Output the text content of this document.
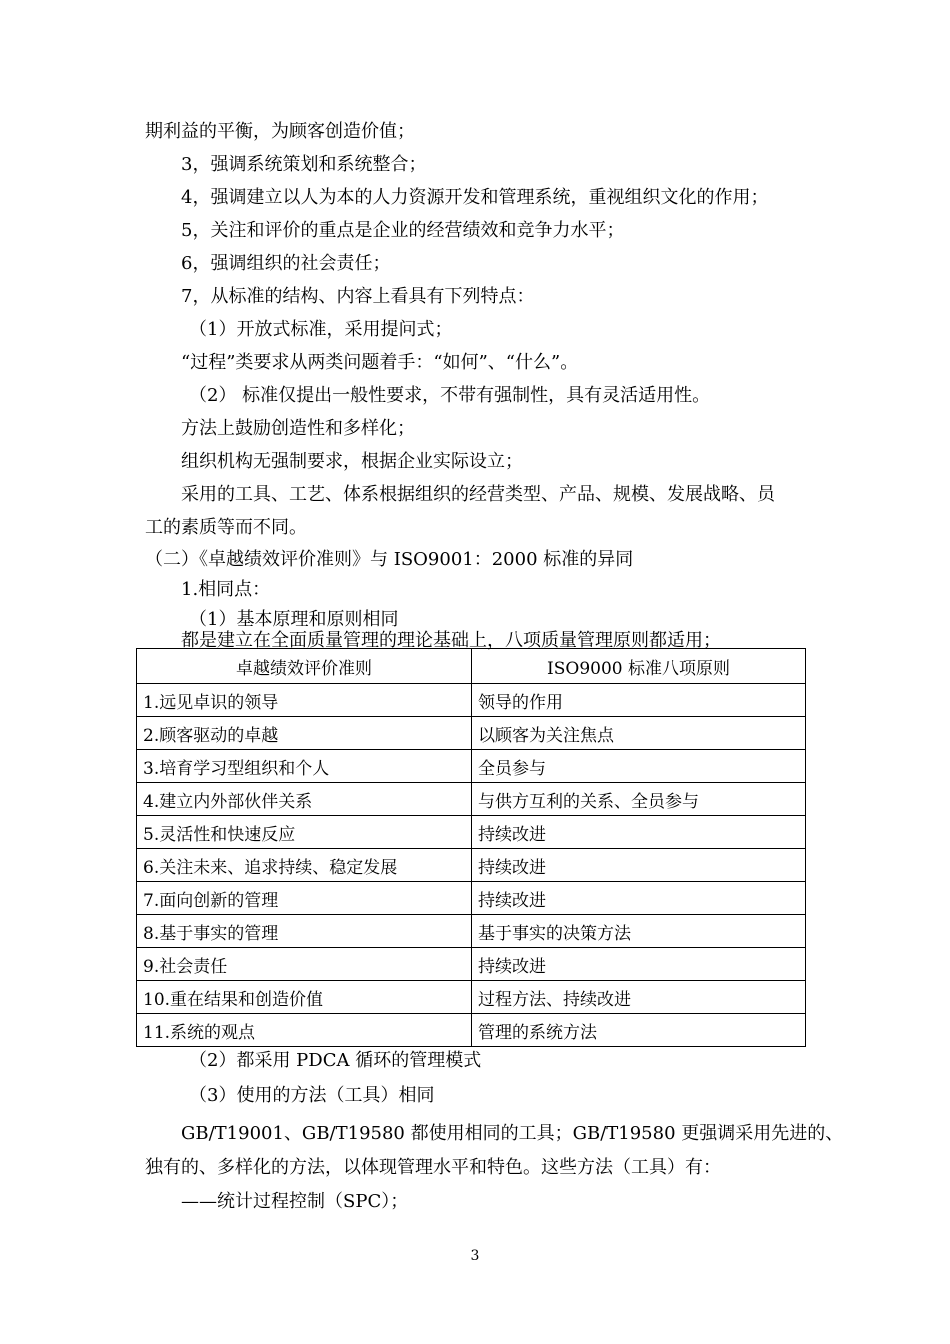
期利益的平衡，为顾客创造价值；
3，强调系统策划和系统整合；
4，强调建立以人为本的人力资源开发和管理系统，重视组织文化的作用；
5，关注和评价的重点是企业的经营绩效和竞争力水平；
6，强调组织的社会责任；
7，从标准的结构、内容上看具有下列特点：
（1）开放式标准，采用提问式；
“过程”类要求从两类问题着手：“如何”、“什么”。
（2） 标准仅提出一般性要求，不带有强制性，具有灵活适用性。
方法上鼓励创造性和多样化；
组织机构无强制要求，根据企业实际设立；
采用的工具、工艺、体系根据组织的经营类型、产品、规模、发展战略、员
工的素质等而不同。
（二）《卓越绩效评价准则》与 ISO9001：2000 标准的异同
1.相同点：
（1）基本原理和原则相同
都是建立在全面质量管理的理论基础上，八项质量管理原则都适用；
卓越绩效评价准则	ISO9000 标准八项原则
1.远见卓识的领导	领导的作用
2.顾客驱动的卓越	以顾客为关注焦点
3.培育学习型组织和个人	全员参与
4.建立内外部伙伴关系	与供方互利的关系、全员参与
5.灵活性和快速反应	持续改进
6.关注未来、追求持续、稳定发展	持续改进
7.面向创新的管理	持续改进
8.基于事实的管理	基于事实的决策方法
9.社会责任	持续改进
10.重在结果和创造价值	过程方法、持续改进
11.系统的观点	管理的系统方法
（2）都采用 PDCA 循环的管理模式
（3）使用的方法（工具）相同
GB/T19001、GB/T19580 都使用相同的工具；GB/T19580 更强调采用先进的、
独有的、多样化的方法，以体现管理水平和特色。这些方法（工具）有：
——统计过程控制（SPC）；
3
